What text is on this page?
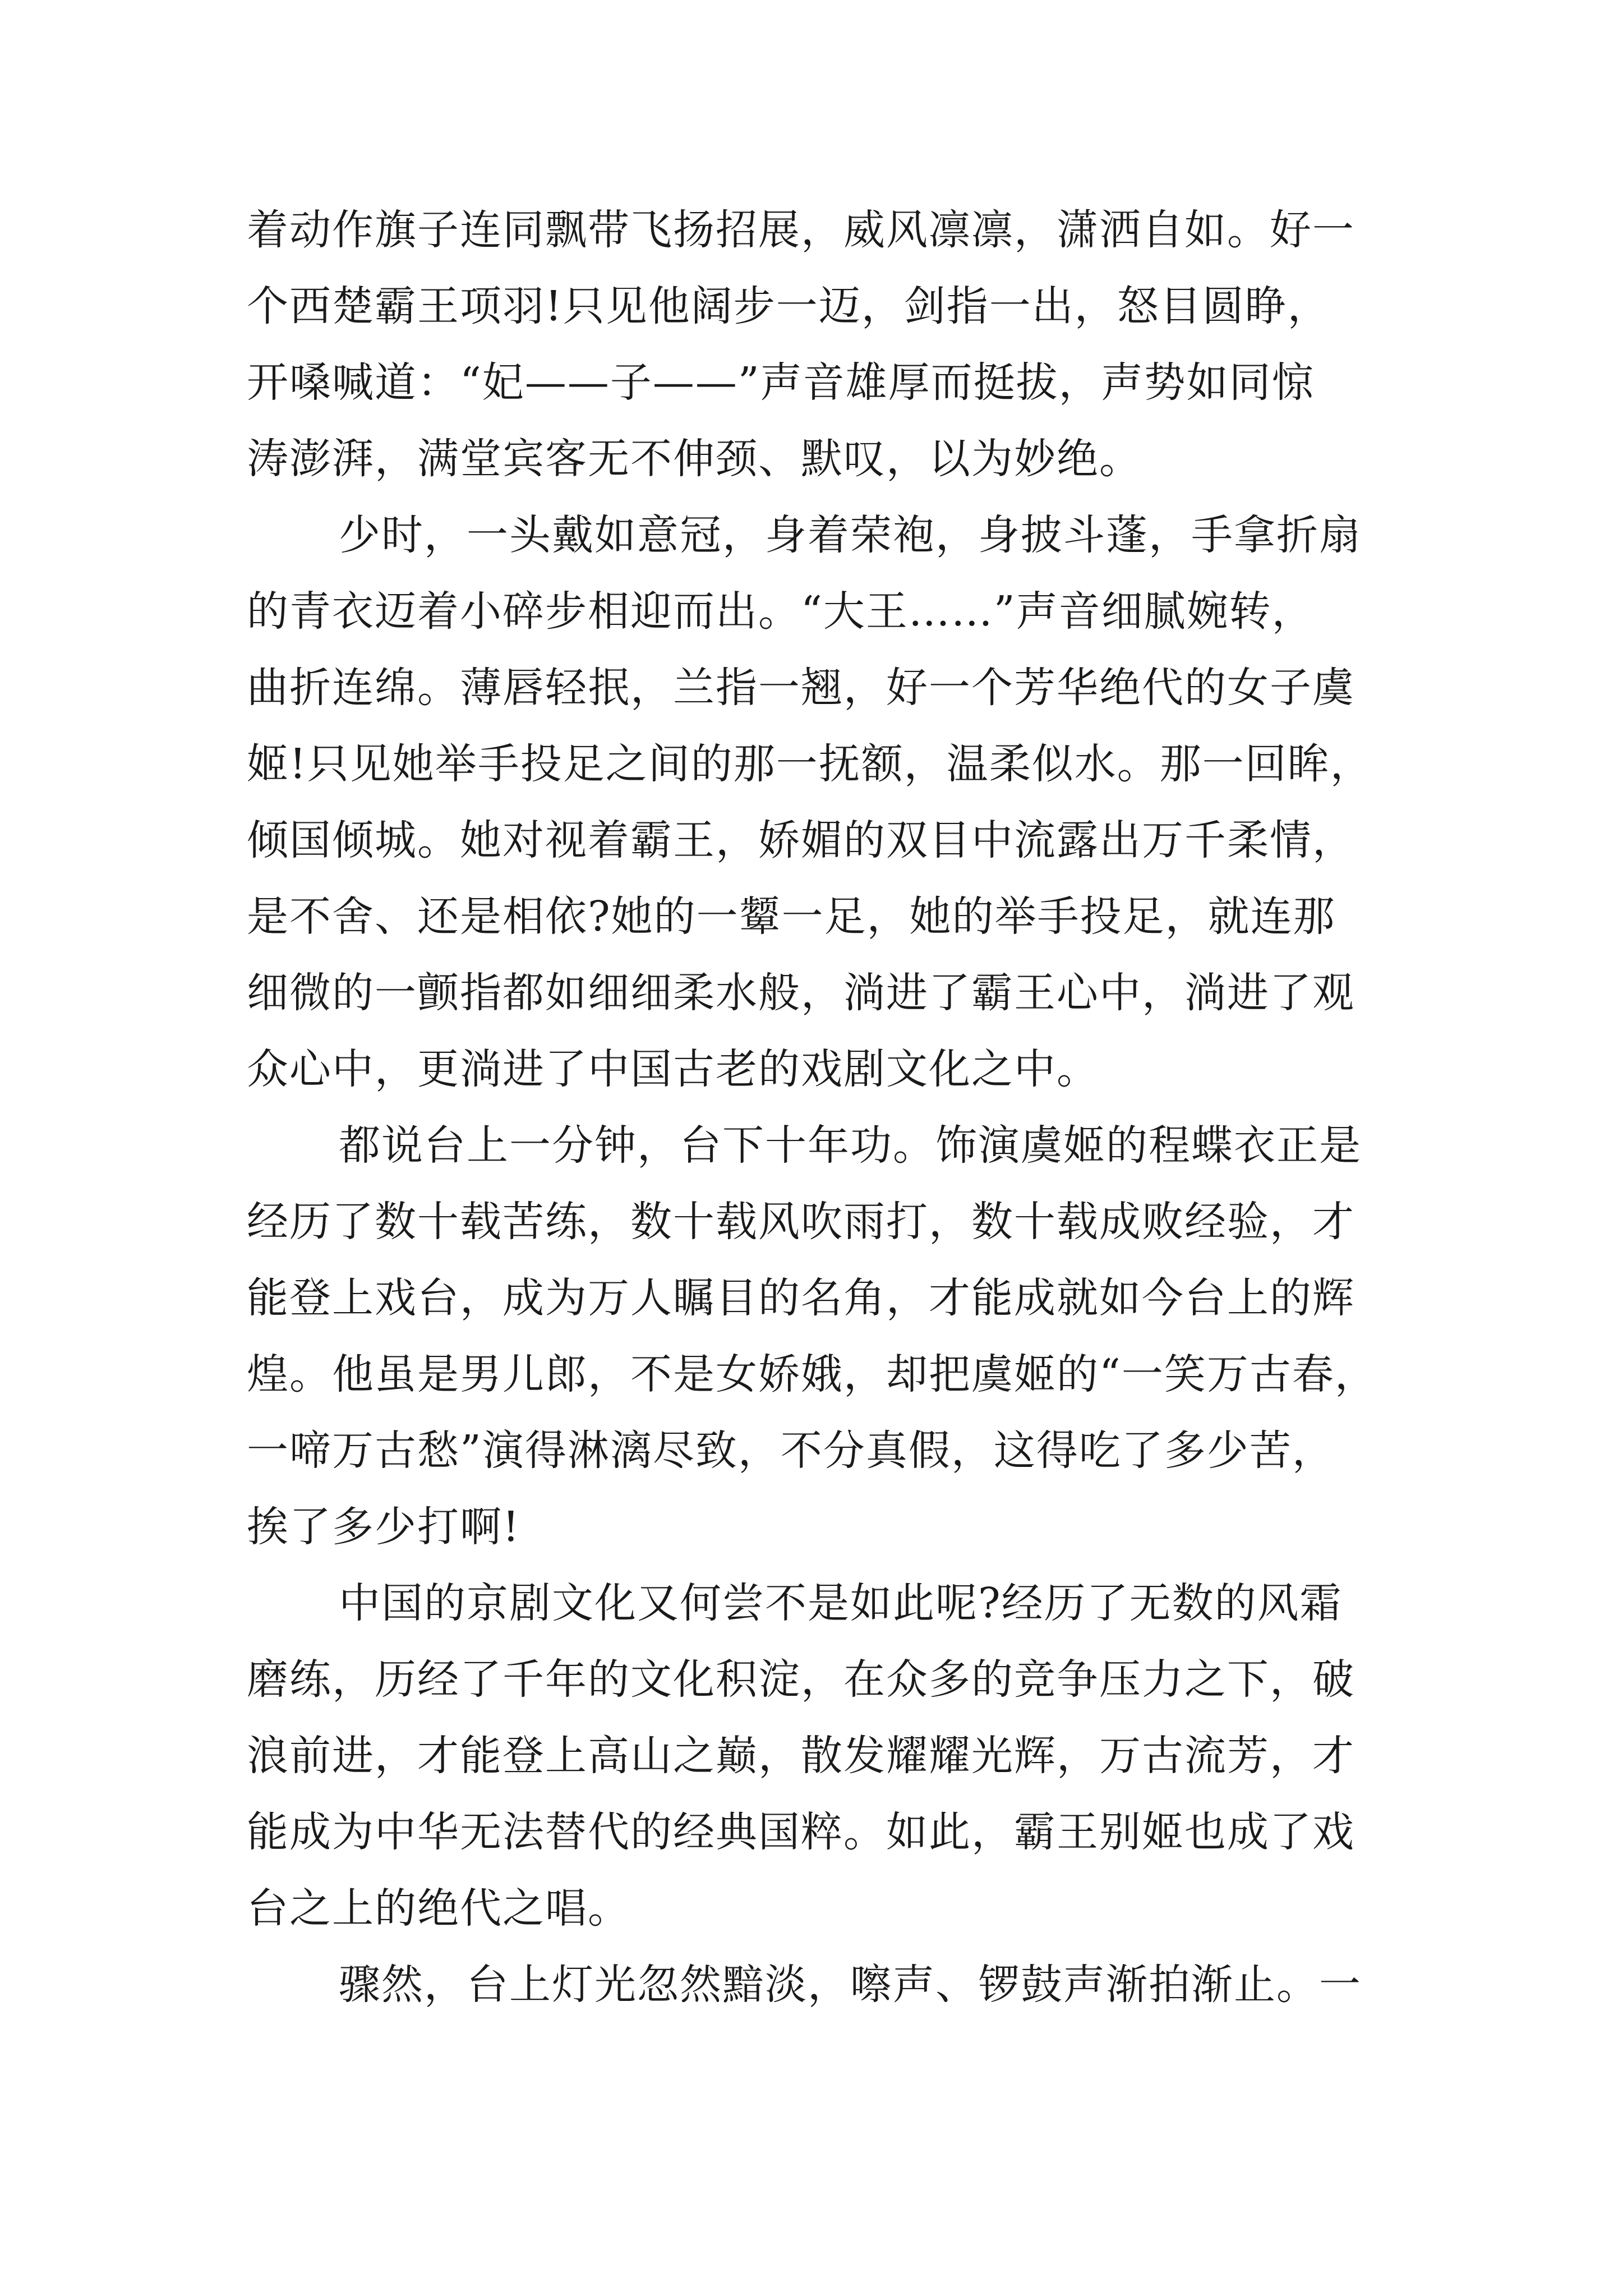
着动作旗子连同飘带飞扬招展，威风凛凛，潇洒自如。好一
个西楚霸王项羽!只见他阔步一迈，剑指一出，怒目圆睁，
开嗓喊道：“妃——子——”声音雄厚而挺拔，声势如同惊
涛澎湃，满堂宾客无不伸颈、默叹，以为妙绝。
少时，一头戴如意冠，身着荣袍，身披斗蓬，手拿折扇
的青衣迈着小碎步相迎而出。“大王……”声音细腻婉转，
曲折连绵。薄唇轻抿，兰指一翘，好一个芳华绝代的女子虞
姬!只见她举手投足之间的那一抚额，温柔似水。那一回眸，
倾国倾城。她对视着霸王，娇媚的双目中流露出万千柔情，
是不舍、还是相依?她的一颦一足，她的举手投足，就连那
细微的一颤指都如细细柔水般，淌进了霸王心中，淌进了观
众心中，更淌进了中国古老的戏剧文化之中。
都说台上一分钟，台下十年功。饰演虞姬的程蝶衣正是
经历了数十载苦练，数十载风吹雨打，数十载成败经验，才
能登上戏台，成为万人瞩目的名角，才能成就如今台上的辉
煌。他虽是男儿郎，不是女娇娥，却把虞姬的“一笑万古春，
一啼万古愁”演得淋漓尽致，不分真假，这得吃了多少苦，
挨了多少打啊!
中国的京剧文化又何尝不是如此呢?经历了无数的风霜
磨练，历经了千年的文化积淀，在众多的竞争压力之下，破
浪前进，才能登上高山之巅，散发耀耀光辉，万古流芳，才
能成为中华无法替代的经典国粹。如此，霸王别姬也成了戏
台之上的绝代之唱。
骤然，台上灯光忽然黯淡，嚓声、锣鼓声渐拍渐止。一
